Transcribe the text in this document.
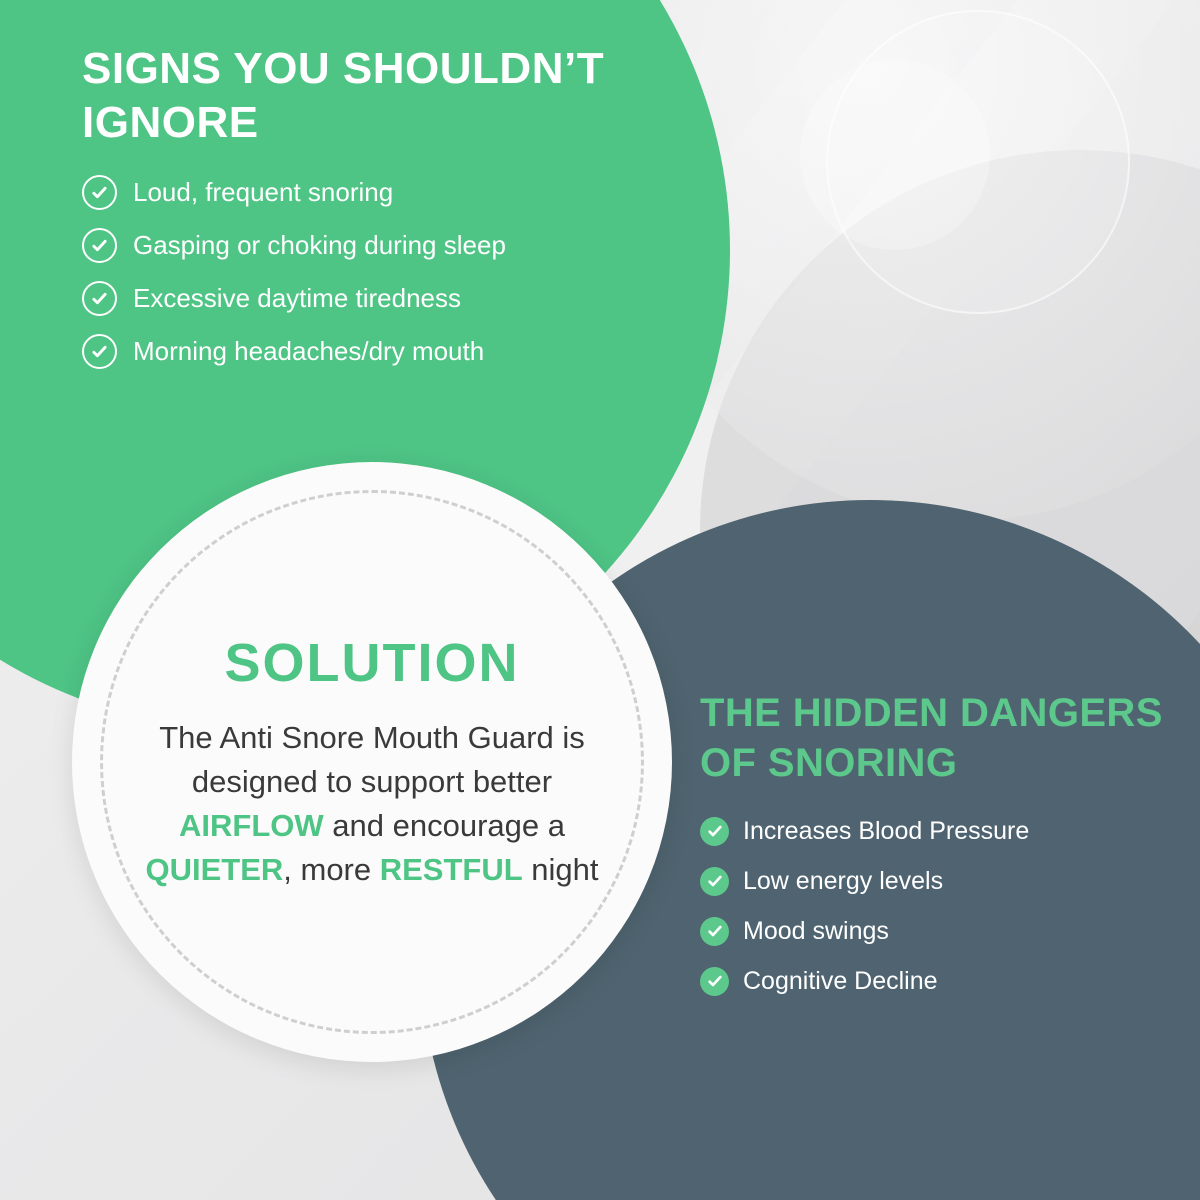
SIGNS YOU SHOULDN’T IGNORE
Loud, frequent snoring
Gasping or choking during sleep
Excessive daytime tiredness
Morning headaches/dry mouth
THE HIDDEN DANGERS OF SNORING
Increases Blood Pressure
Low energy levels
Mood swings
Cognitive Decline
SOLUTION

The Anti Snore Mouth Guard is designed to support better AIRFLOW and encourage a QUIETER, more RESTFUL night
